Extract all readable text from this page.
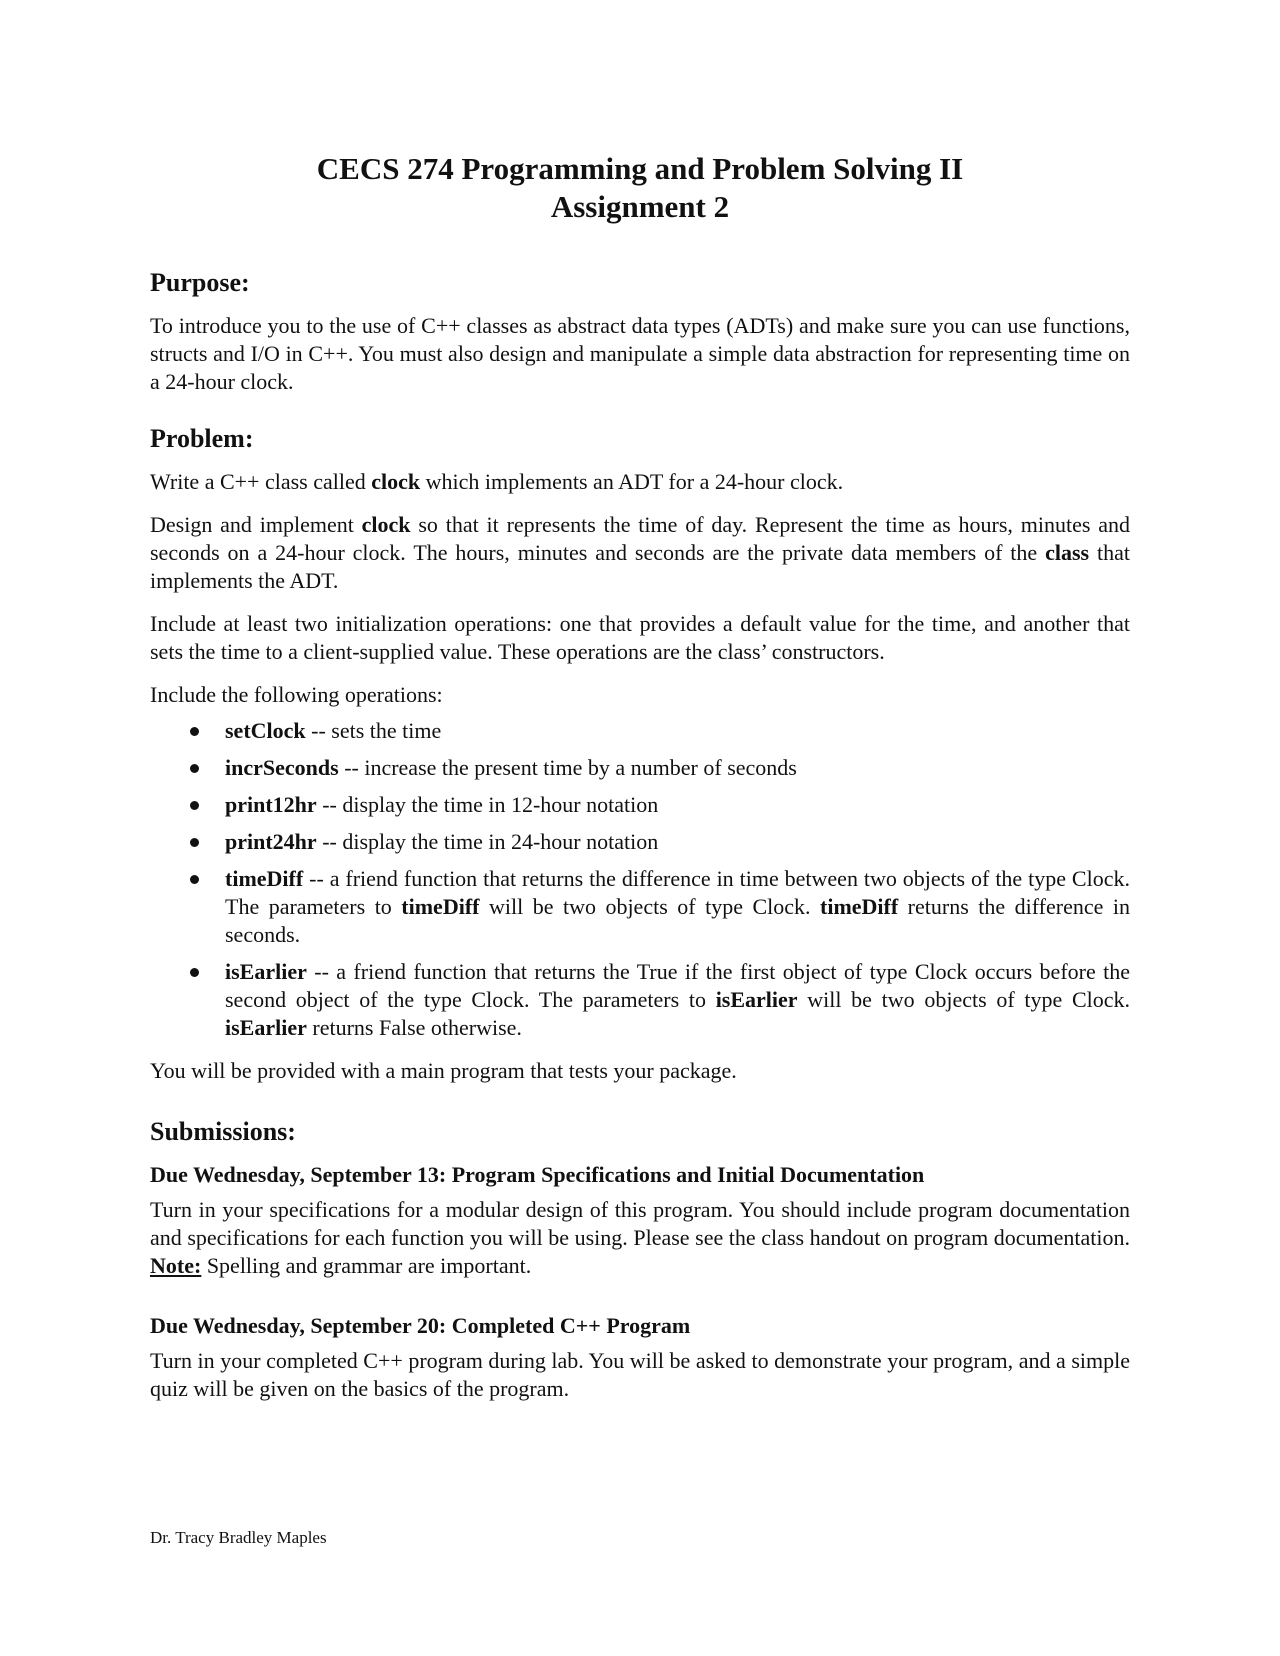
CECS 274 Programming and Problem Solving II
Assignment 2
Purpose:

To introduce you to the use of C++ classes as abstract data types (ADTs) and make sure you can use functions, structs and I/O in C++. You must also design and manipulate a simple data abstraction for representing time on a 24-hour clock.

Problem:

Write a C++ class called clock which implements an ADT for a 24-hour clock.

Design and implement clock so that it represents the time of day. Represent the time as hours, minutes and seconds on a 24-hour clock. The hours, minutes and seconds are the private data members of the class that implements the ADT.

Include at least two initialization operations: one that provides a default value for the time, and another that sets the time to a client-supplied value. These operations are the class’ constructors.

Include the following operations:

setClock -- sets the time
incrSeconds -- increase the present time by a number of seconds
print12hr -- display the time in 12-hour notation
print24hr -- display the time in 24-hour notation
timeDiff -- a friend function that returns the difference in time between two objects of the type Clock. The parameters to timeDiff will be two objects of type Clock. timeDiff returns the difference in seconds.
isEarlier -- a friend function that returns the True if the first object of type Clock occurs before the second object of the type Clock. The parameters to isEarlier will be two objects of type Clock. isEarlier returns False otherwise.

You will be provided with a main program that tests your package.

Submissions:

Due Wednesday, September 13: Program Specifications and Initial Documentation

Turn in your specifications for a modular design of this program. You should include program documentation and specifications for each function you will be using. Please see the class handout on program documentation. Note: Spelling and grammar are important.

Due Wednesday, September 20: Completed C++ Program

Turn in your completed C++ program during lab. You will be asked to demonstrate your program, and a simple quiz will be given on the basics of the program.

Dr. Tracy Bradley Maples
